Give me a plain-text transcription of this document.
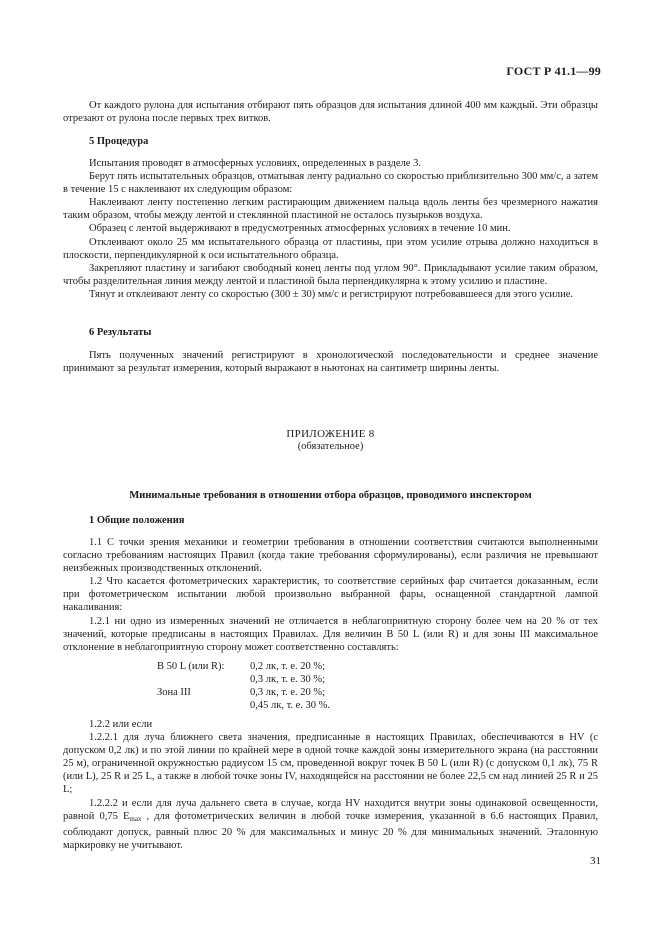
ГОСТ Р 41.1—99

От каждого рулона для испытания отбирают пять образцов для испытания длиной 400 мм каждый. Эти образцы отрезают от рулона после первых трех витков.

5 Процедура

Испытания проводят в атмосферных условиях, определенных в разделе 3.

Берут пять испытательных образцов, отматывая ленту радиально со скоростью приблизительно 300 мм/с, а затем в течение 15 с наклеивают их следующим образом:

Наклеивают ленту постепенно легким растирающим движением пальца вдоль ленты без чрезмерного нажатия таким образом, чтобы между лентой и стеклянной пластиной не осталось пузырьков воздуха.

Образец с лентой выдерживают в предусмотренных атмосферных условиях в течение 10 мин.

Отклеивают около 25 мм испытательного образца от пластины, при этом усилие отрыва должно находиться в плоскости, перпендикулярной к оси испытательного образца.

Закрепляют пластину и загибают свободный конец ленты под углом 90°. Прикладывают усилие таким образом, чтобы разделительная линия между лентой и пластиной была перпендикулярна к этому усилию и пластине.

Тянут и отклеивают ленту со скоростью (300 ± 30) мм/с и регистрируют потребовавшееся для этого усилие.

6 Результаты

Пять полученных значений регистрируют в хронологической последовательности и среднее значение принимают за результат измерения, который выражают в ньютонах на сантиметр ширины ленты.

ПРИЛОЖЕНИЕ 8
(обязательное)
Минимальные требования в отношении отбора образцов, проводимого инспектором
1 Общие положения

1.1 С точки зрения механики и геометрии требования в отношении соответствия считаются выполненными согласно требованиям настоящих Правил (когда такие требования сформулированы), если различия не превышают неизбежных производственных отклонений.

1.2 Что касается фотометрических характеристик, то соответствие серийных фар считается доказанным, если при фотометрическом испытании любой произвольно выбранной фары, оснащенной стандартной лампой накаливания:

1.2.1 ни одно из измеренных значений не отличается в неблагоприятную сторону более чем на 20 % от тех значений, которые предписаны в настоящих Правилах. Для величин B 50 L (или R) и для зоны III максимальное отклонение в неблагоприятную сторону может соответственно составлять:

B 50 L (или R):	0,2 лк, т. е. 20 %;
0,3 лк, т. е. 30 %;
Зона III	0,3 лк, т. е. 20 %;
0,45 лк, т. е. 30 %.

1.2.2 или если

1.2.2.1 для луча ближнего света значения, предписанные в настоящих Правилах, обеспечиваются в HV (с допуском 0,2 лк) и по этой линии по крайней мере в одной точке каждой зоны измерительного экрана (на расстоянии 25 м), ограниченной окружностью радиусом 15 см, проведенной вокруг точек B 50 L (или R) (с допуском 0,1 лк), 75 R (или L), 25 R и 25 L, а также в любой точке зоны IV, находящейся на расстоянии не более 22,5 см над линией 25 R и 25 L;

1.2.2.2 и если для луча дальнего света в случае, когда HV находится внутри зоны одинаковой освещенности, равной 0,75 $E_{max}$ , для фотометрических величин в любой точке измерения, указанной в 6.6 настоящих Правил, соблюдают допуск, равный плюс 20 % для максимальных и минус 20 % для минимальных значений. Эталонную маркировку не учитывают.

31
